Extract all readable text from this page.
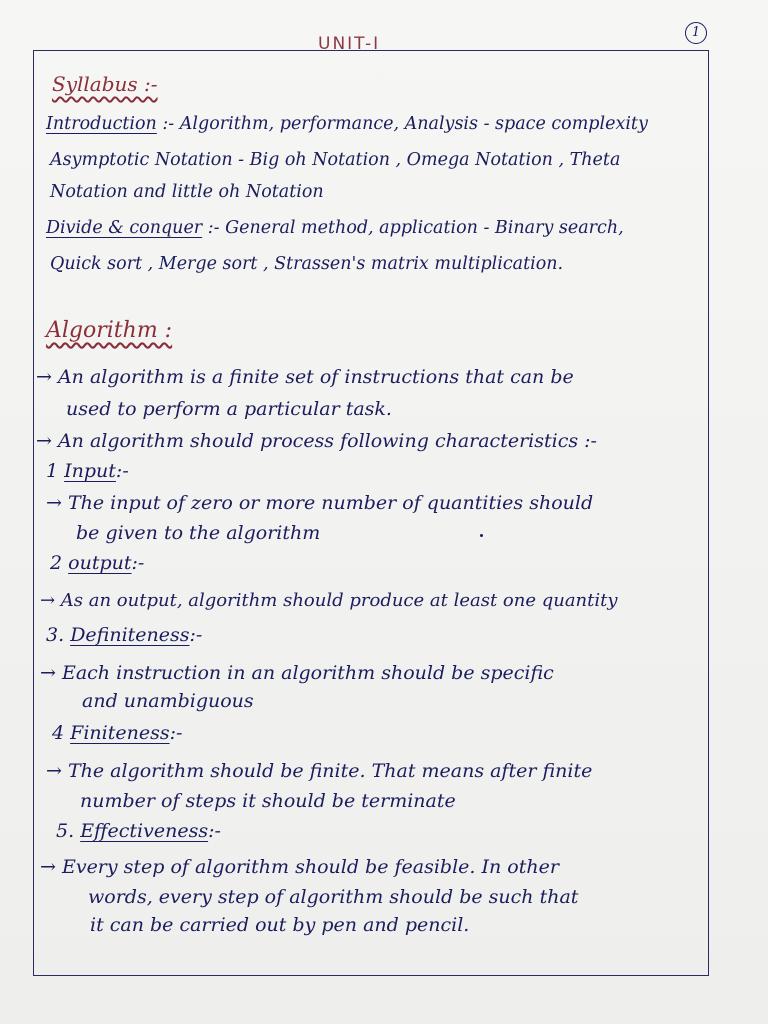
UNIT-I
1
Syllabus :-
Introduction :- Algorithm, performance, Analysis - space complexity
Asymptotic Notation - Big oh Notation , Omega Notation , Theta
Notation and little oh Notation
Divide & conquer :- General method, application - Binary search,
Quick sort , Merge sort , Strassen's matrix multiplication.
Algorithm :
→ An algorithm is a finite set of instructions that can be
used to perform a particular task.
→ An algorithm should process following characteristics :-
1 Input:-
→ The input of zero or more number of quantities should
be given to the algorithm
2 output:-
→ As an output, algorithm should produce at least one quantity
3. Definiteness:-
→ Each instruction in an algorithm should be specific
and unambiguous
4 Finiteness:-
→ The algorithm should be finite. That means after finite
number of steps it should be terminate
5. Effectiveness:-
→ Every step of algorithm should be feasible. In other
words, every step of algorithm should be such that
it can be carried out by pen and pencil.
